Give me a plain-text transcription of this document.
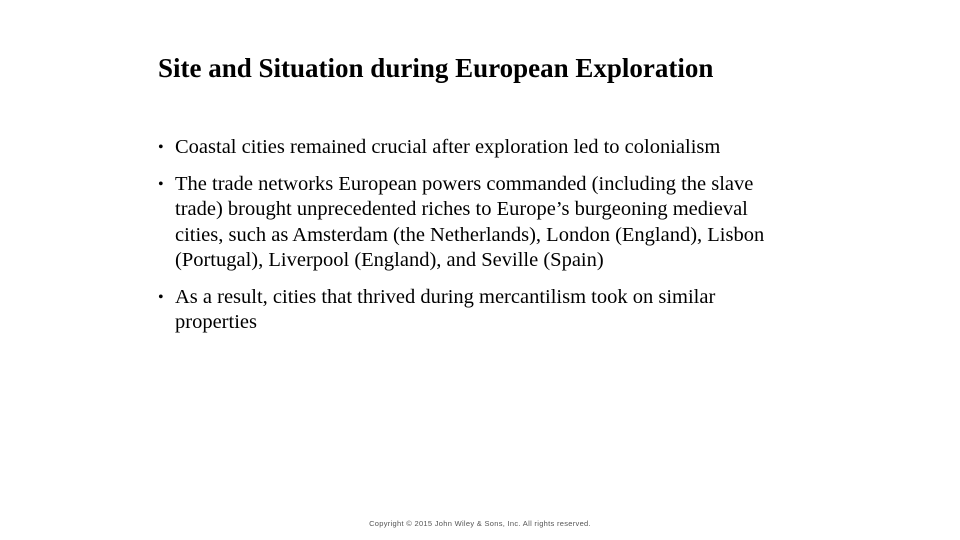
Site and Situation during European Exploration
• Coastal cities remained crucial after exploration led to colonialism
• The trade networks European powers commanded (including the slave trade) brought unprecedented riches to Europe’s burgeoning medieval cities, such as Amsterdam (the Netherlands), London (England), Lisbon (Portugal), Liverpool (England), and Seville (Spain)
• As a result, cities that thrived during mercantilism took on similar properties
Copyright © 2015 John Wiley & Sons, Inc. All rights reserved.
